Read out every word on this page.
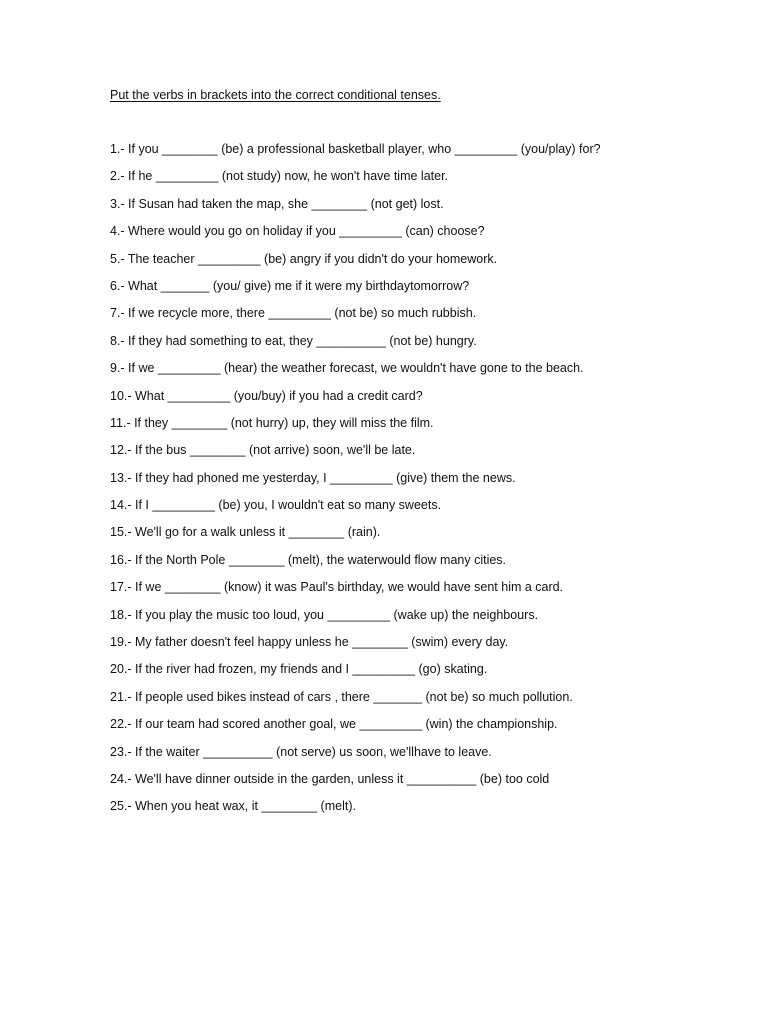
Put the verbs in brackets into the correct conditional tenses.
1.- If you ________ (be) a professional basketball player, who _________ (you/play) for?
2.- If he _________ (not study) now, he won't have time later.
3.- If Susan had taken the map, she ________ (not get) lost.
4.- Where would you go on holiday if you _________ (can) choose?
5.- The teacher _________ (be) angry if you didn't do your homework.
6.- What _______ (you/ give) me if it were my birthdaytomorrow?
7.- If we recycle more, there _________ (not be) so much rubbish.
8.- If they had something to eat, they __________ (not be) hungry.
9.- If we _________ (hear) the weather forecast, we wouldn't have gone to the beach.
10.- What _________ (you/buy) if you had a credit card?
11.- If they ________ (not hurry) up, they will miss the film.
12.- If the bus ________ (not arrive) soon, we'll be late.
13.- If they had phoned me yesterday, I _________ (give) them the news.
14.- If I _________ (be) you, I wouldn't eat so many sweets.
15.- We'll go for a walk unless it ________ (rain).
16.- If the North Pole ________ (melt), the waterwould flow many cities.
17.- If we ________ (know) it was Paul's birthday, we would have sent him a card.
18.- If you play the music too loud, you _________ (wake up) the neighbours.
19.- My father doesn't feel happy unless he ________ (swim) every day.
20.- If the river had frozen, my friends and I _________ (go) skating.
21.- If people used bikes instead of cars , there _______ (not be) so much pollution.
22.- If our team had scored another goal, we _________ (win) the championship.
23.- If the waiter __________ (not serve) us soon, we'llhave to leave.
24.- We'll have dinner outside in the garden, unless it __________ (be) too cold
25.- When you heat wax, it ________ (melt).
